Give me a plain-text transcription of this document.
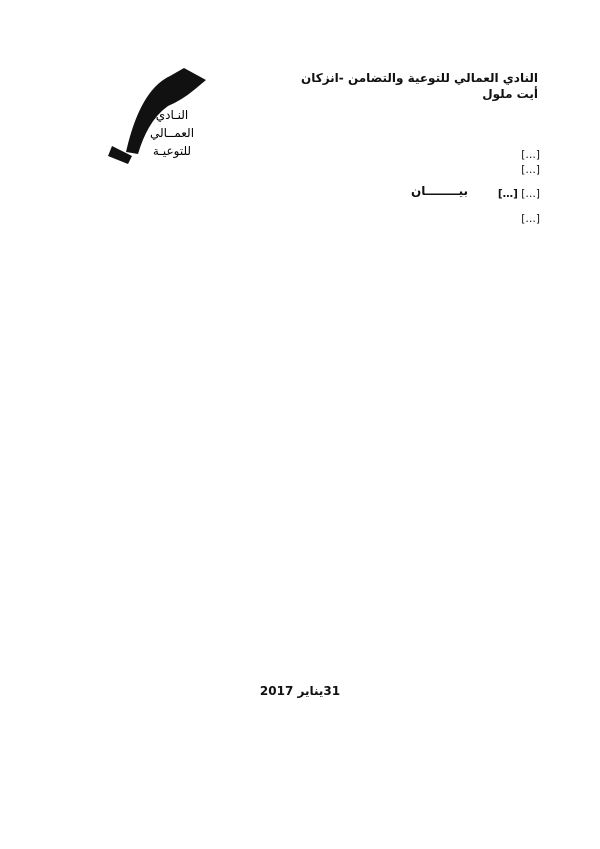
النـادي
العمــالي
للتوعيـة
النادي العمالي للتوعية والتضامن -انزكان
أيت ملول
بيــــــــان
[…]
[…]
[…] […]
[…]
31يناير 2017
